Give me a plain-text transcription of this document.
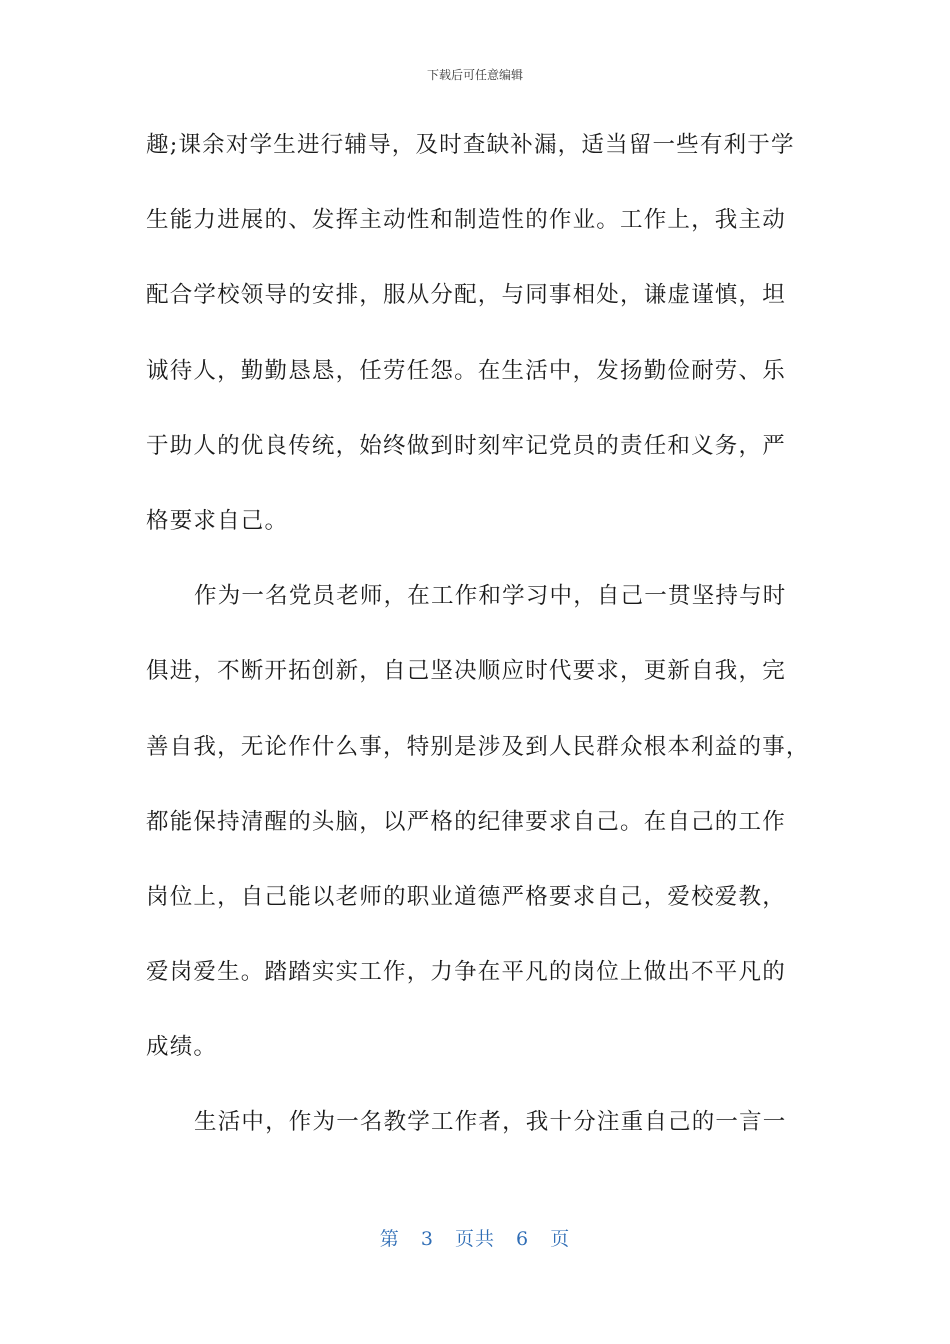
下载后可任意编辑
趣;课余对学生进行辅导，及时查缺补漏，适当留一些有利于学
生能力进展的、发挥主动性和制造性的作业。工作上，我主动
配合学校领导的安排，服从分配，与同事相处，谦虚谨慎，坦
诚待人，勤勤恳恳，任劳任怨。在生活中，发扬勤俭耐劳、乐
于助人的优良传统，始终做到时刻牢记党员的责任和义务，严
格要求自己。
作为一名党员老师，在工作和学习中，自己一贯坚持与时
俱进，不断开拓创新，自己坚决顺应时代要求，更新自我，完
善自我，无论作什么事，特别是涉及到人民群众根本利益的事，
都能保持清醒的头脑，以严格的纪律要求自己。在自己的工作
岗位上，自己能以老师的职业道德严格要求自己，爱校爱教，
爱岗爱生。踏踏实实工作，力争在平凡的岗位上做出不平凡的
成绩。
生活中，作为一名教学工作者，我十分注重自己的一言一
第 3 页共 6 页
